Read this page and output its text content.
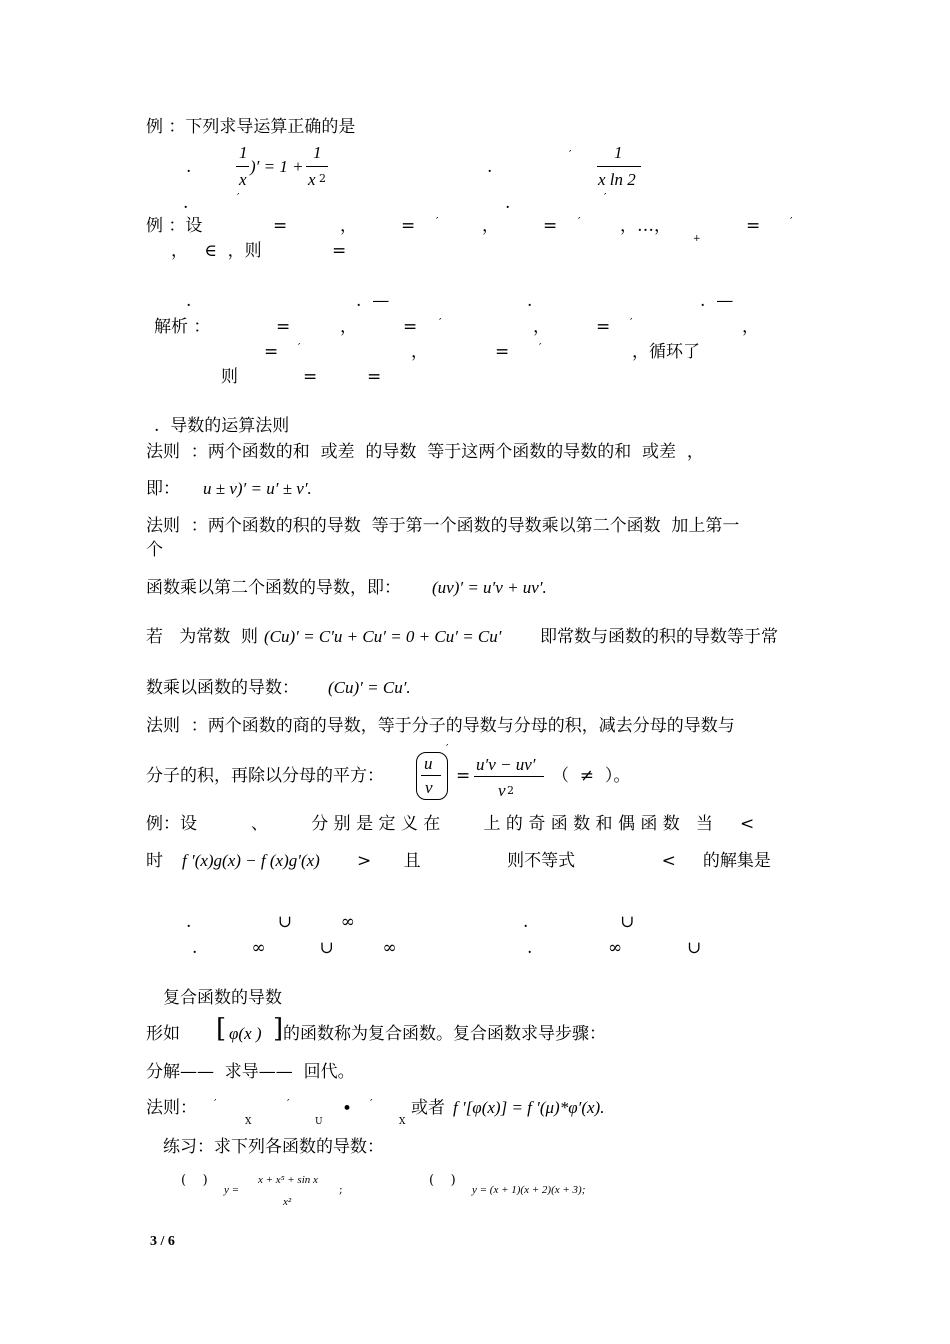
例 ：下列求导运算正确的是
.
1
x
)′ = 1 +
1
x 2
′
.
′	1
x ln 2
′
.	.
例 ：设	=	，	= ′	，	= ′ ，…，
+
=	′
，   ∈  ，则	=
.	.  —	.	.  —
解析 ：	=	，	= ′	，	= ′	，
= ′	，	=	′	，循环了
则	=	=
.  导数的运算法则
法则  ：两个函数的和  或差  的导数  等于这两个函数的导数的和  或差  ，
即： u ± v)′ = u′ ± v′.
法则  ：两个函数的积的导数  等于第一个函数的导数乘以第二个函数  加上第一
个
函数乘以第二个函数的导数，即： (uv)′ = u′v + uv′.
若   为常数  则 (Cu)′ = C′u + Cu′ = 0 + Cu′ = Cu′ 即常数与函数的积的导数等于常
数乘以函数的导数： (Cu)′ = Cu′.
法则  ：两个函数的商的导数，等于分子的导数与分母的积，减去分母的导数与
分子的积，再除以分母的平方：
u
v
′
=
u′v − uv′
v 2
（  ≠  ）。
例：设          、        分 别 是 定 义 在        上 的 奇 函 数 和 偶 函 数   当     <
时 f ′(x)g(x) − f (x)g′(x) >      且                则不等式                <     的解集是
.                ∪         ∞	.                 ∪
.          ∞          ∪         ∞	.              ∞            ∪
复合函数的导数
形如 [ φ(x ) ] 的函数称为复合函数。复合函数求导步骤：
分解——  求导——  回代。
法则： ′
X
′
U
• ′
X
或者 f ′[φ(x)] = f ′(μ)*φ′(x).
练习：求下列各函数的导数：
(    )
y =
x + x⁵ + sin x
;
x²
(    )
y = (x + 1)(x + 2)(x + 3);
3 / 6
